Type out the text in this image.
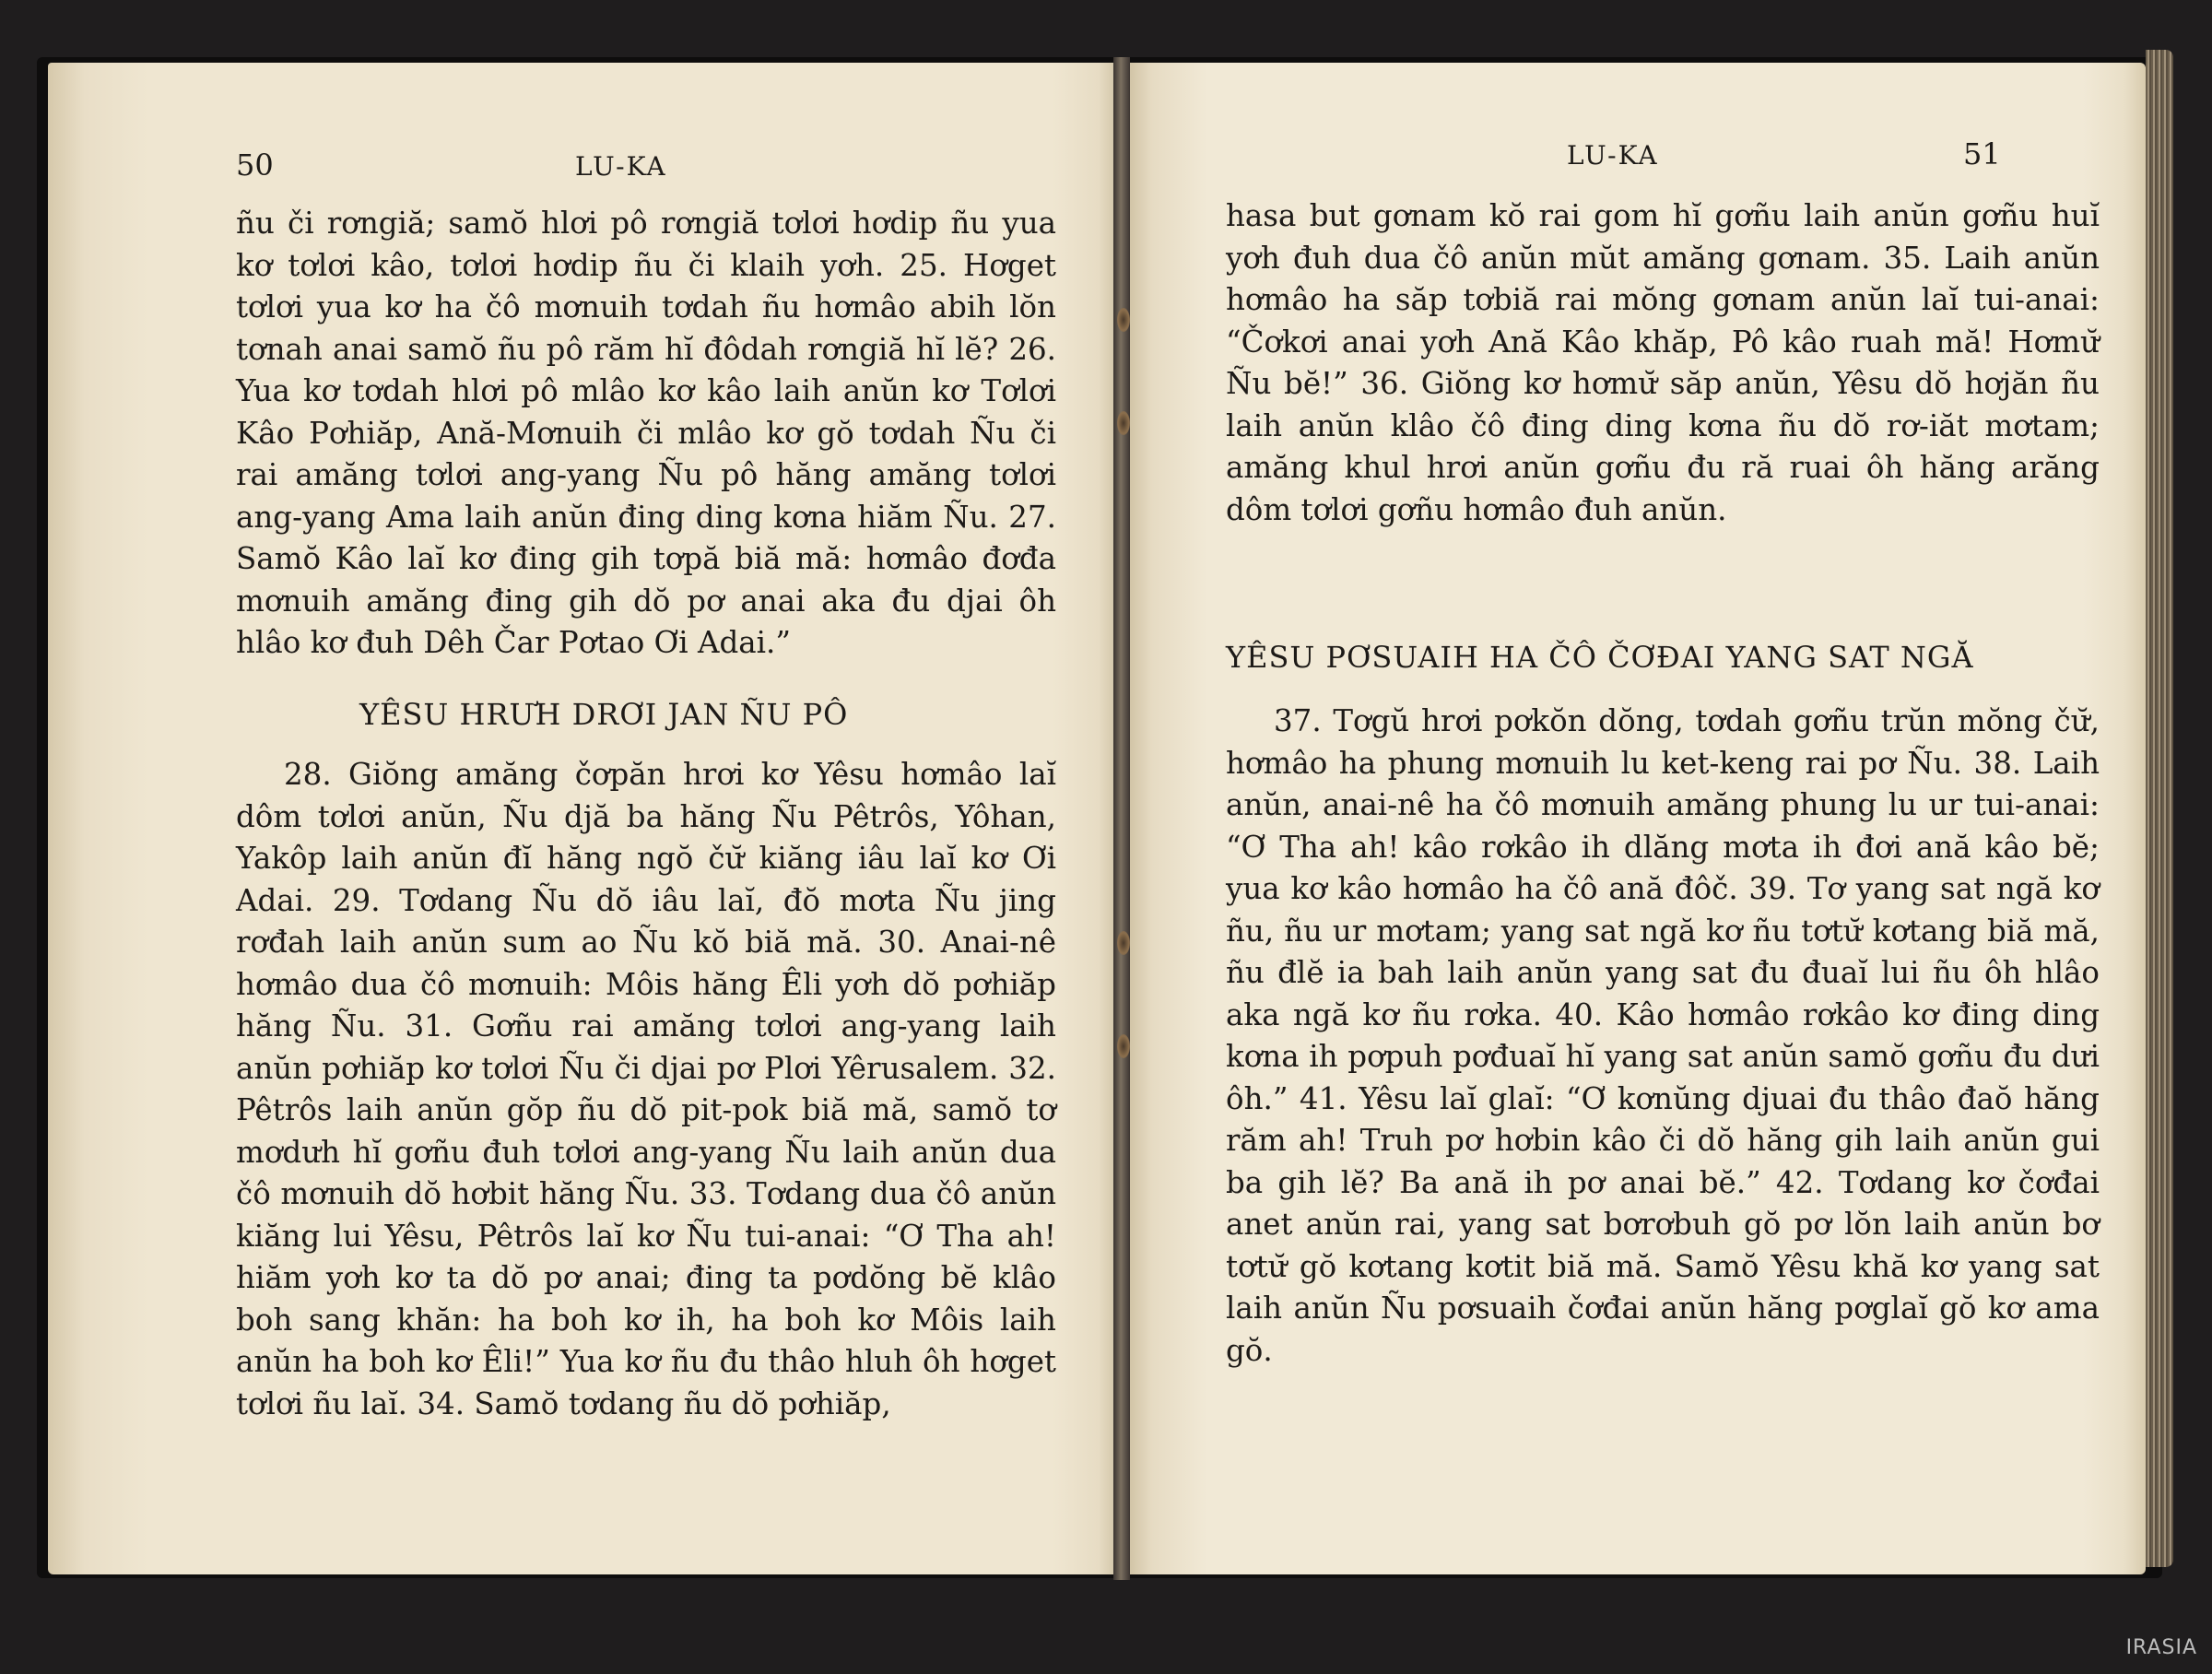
50	LU-KA

ñu či rơngiă; samŏ hlơi pô rơngiă tơlơi hơdip ñu yua kơ tơlơi kâo, tơlơi hơdip ñu či klaih yơh. 25. Hơget tơlơi yua kơ ha čô mơnuih tơdah ñu hơmâo abih lŏn tơnah anai samŏ ñu pô răm hĭ đôdah rơngiă hĭ lĕ? 26. Yua kơ tơdah hlơi pô mlâo kơ kâo laih anŭn kơ Tơlơi Kâo Pơhiăp, Ană-Mơnuih či mlâo kơ gŏ tơdah Ñu či rai amăng tơlơi ang-yang Ñu pô hăng amăng tơlơi ang-yang Ama laih anŭn đing ding kơna hiăm Ñu. 27. Samŏ Kâo laĭ kơ đing gih tơpă biă mă: hơmâo đơđa mơnuih amăng đing gih dŏ pơ anai aka đu djai ôh hlâo kơ đuh Dêh Čar Pơtao Ơi Adai.”

YÊSU HRƯH DRƠI JAN ÑU PÔ

28. Giŏng amăng čơpăn hrơi kơ Yêsu hơmâo laĭ dôm tơlơi anŭn, Ñu djă ba hăng Ñu Pêtrôs, Yôhan, Yakôp laih anŭn đĭ hăng ngŏ čư̆ kiăng iâu laĭ kơ Ơi Adai. 29. Tơdang Ñu dŏ iâu laĭ, đŏ mơta Ñu jing rơđah laih anŭn sum ao Ñu kŏ biă mă. 30. Anai-nê hơmâo dua čô mơnuih: Môis hăng Êli yơh dŏ pơhiăp hăng Ñu. 31. Gơñu rai amăng tơlơi ang-yang laih anŭn pơhiăp kơ tơlơi Ñu či djai pơ Plơi Yêrusalem. 32. Pêtrôs laih anŭn gŏp ñu dŏ pit-pok biă mă, samŏ tơ mơdưh hĭ gơñu đuh tơlơi ang-yang Ñu laih anŭn dua čô mơnuih dŏ hơbit hăng Ñu. 33. Tơdang dua čô anŭn kiăng lui Yêsu, Pêtrôs laĭ kơ Ñu tui-anai: “Ơ Tha ah! hiăm yơh kơ ta dŏ pơ anai; đing ta pơdŏng bĕ klâo boh sang khăn: ha boh kơ ih, ha boh kơ Môis laih anŭn ha boh kơ Êli!” Yua kơ ñu đu thâo hluh ôh hơget tơlơi ñu laĭ. 34. Samŏ tơdang ñu dŏ pơhiăp,

LU-KA	51

hasa but gơnam kŏ rai gom hĭ gơñu laih anŭn gơñu huĭ yơh đuh dua čô anŭn mŭt amăng gơnam. 35. Laih anŭn hơmâo ha săp tơbiă rai mŏng gơnam anŭn laĭ tui-anai: “Čơkơi anai yơh Ană Kâo khăp, Pô kâo ruah mă! Hơmư̆ Ñu bĕ!” 36. Giŏng kơ hơmư̆ săp anŭn, Yêsu dŏ hơjăn ñu laih anŭn klâo čô đing ding kơna ñu dŏ rơ-iăt mơtam; amăng khul hrơi anŭn gơñu đu ră ruai ôh hăng arăng dôm tơlơi gơñu hơmâo đuh anŭn.

YÊSU PƠSUAIH HA ČÔ ČƠĐAI YANG SAT NGĂ

37. Tơgŭ hrơi pơkŏn dŏng, tơdah gơñu trŭn mŏng čư̆, hơmâo ha phung mơnuih lu ket-keng rai pơ Ñu. 38. Laih anŭn, anai-nê ha čô mơnuih amăng phung lu ur tui-anai: “Ơ Tha ah! kâo rơkâo ih dlăng mơta ih đơi ană kâo bĕ; yua kơ kâo hơmâo ha čô ană đôč. 39. Tơ yang sat ngă kơ ñu, ñu ur mơtam; yang sat ngă kơ ñu tơtư̆ kơtang biă mă, ñu đlĕ ia bah laih anŭn yang sat đu đuaĭ lui ñu ôh hlâo aka ngă kơ ñu rơka. 40. Kâo hơmâo rơkâo kơ đing ding kơna ih pơpuh pơđuaĭ hĭ yang sat anŭn samŏ gơñu đu dưi ôh.” 41. Yêsu laĭ glaĭ: “Ơ kơnŭng djuai đu thâo đaŏ hăng răm ah! Truh pơ hơbin kâo či dŏ hăng gih laih anŭn gui ba gih lĕ? Ba ană ih pơ anai bĕ.” 42. Tơdang kơ čơđai anet anŭn rai, yang sat bơrơbuh gŏ pơ lŏn laih anŭn bơ tơtư̆ gŏ kơtang kơtit biă mă. Samŏ Yêsu khă kơ yang sat laih anŭn Ñu pơsuaih čơđai anŭn hăng pơglaĭ gŏ kơ ama gŏ.

IRASIA
